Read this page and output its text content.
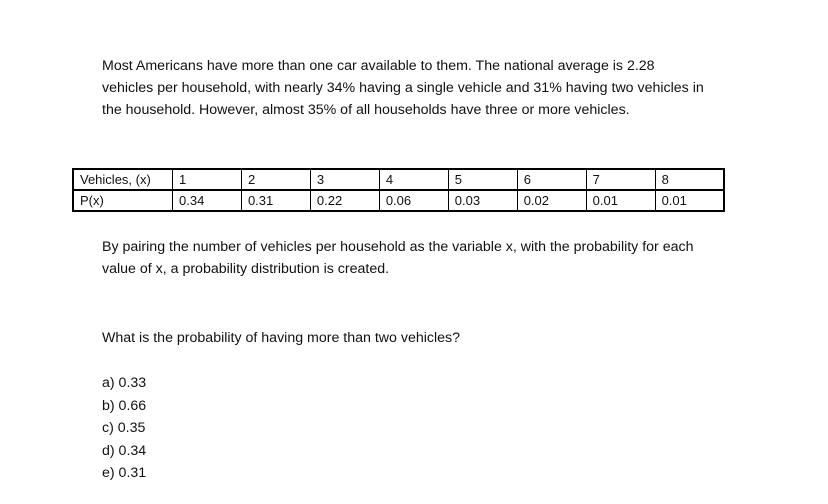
Most Americans have more than one car available to them. The national average is 2.28
vehicles per household, with nearly 34% having a single vehicle and 31% having two vehicles in
the household. However, almost 35% of all households have three or more vehicles.
Vehicles, (x)	1	2	3	4	5	6	7	8
P(x)	0.34	0.31	0.22	0.06	0.03	0.02	0.01	0.01
By pairing the number of vehicles per household as the variable x, with the probability for each
value of x, a probability distribution is created.
What is the probability of having more than two vehicles?
a) 0.33
b) 0.66
c) 0.35
d) 0.34
e) 0.31
